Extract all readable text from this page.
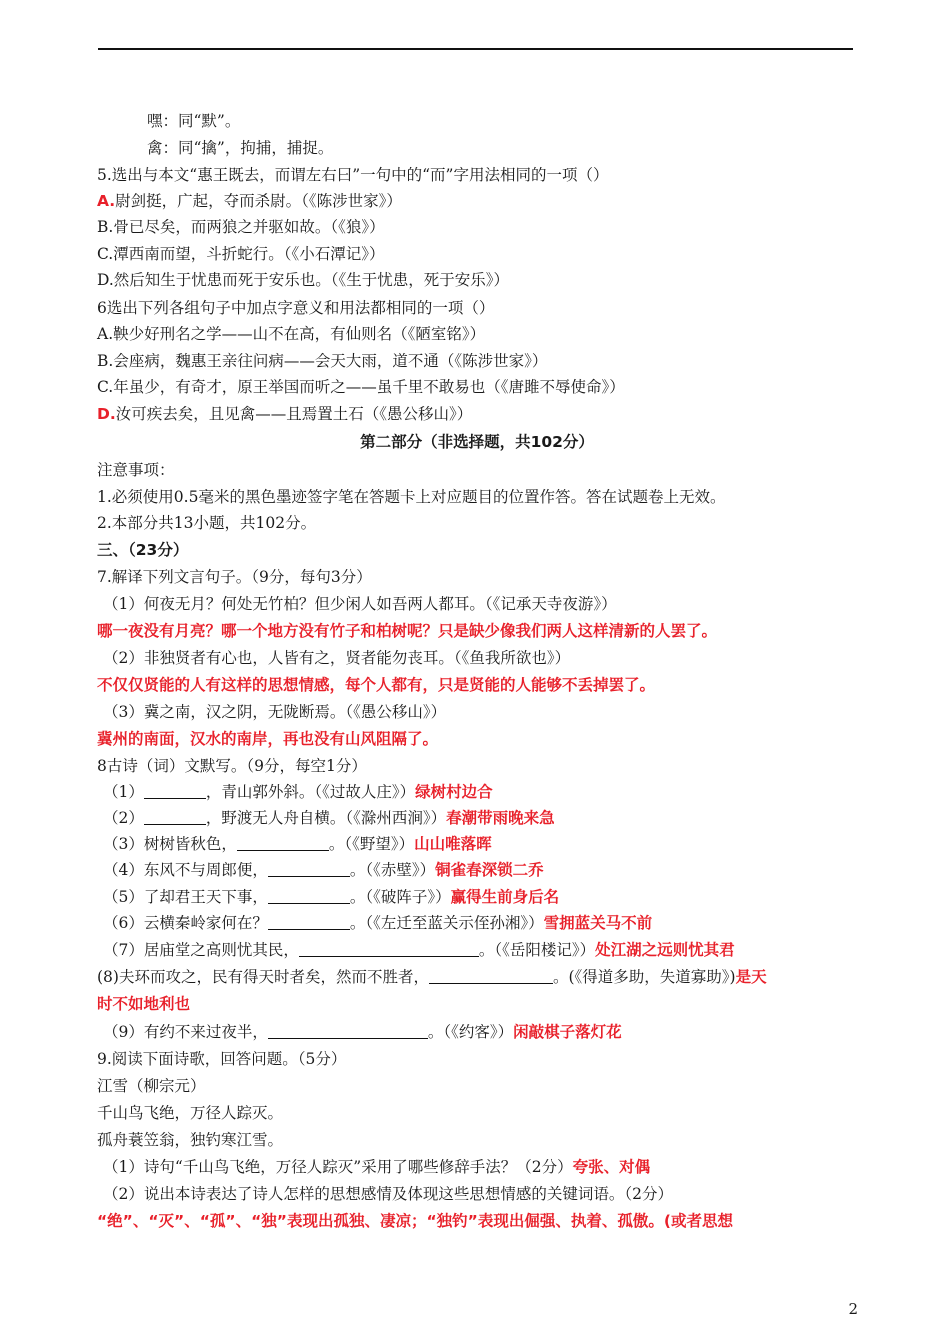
嘿：同“默”。
禽：同“擒”，拘捕，捕捉。
5.选出与本文“惠王既去，而谓左右曰”一句中的“而”字用法相同的一项（）
A.尉剑挺，广起，夺而杀尉。（《陈涉世家》）
B.骨已尽矣，而两狼之并驱如故。（《狼》）
C.潭西南而望，斗折蛇行。（《小石潭记》）
D.然后知生于忧患而死于安乐也。（《生于忧患，死于安乐》）
6选出下列各组句子中加点字意义和用法都相同的一项（）
A.鞅少好刑名之学——山不在高，有仙则名（《陋室铭》）
B.会座病，魏惠王亲往问病——会天大雨，道不通（《陈涉世家》）
C.年虽少，有奇才，原王举国而听之——虽千里不敢易也（《唐雎不辱使命》）
D.汝可疾去矣，且见禽——且焉置土石（《愚公移山》）
第二部分（非选择题，共102分）
注意事项：
1.必须使用0.5毫米的黑色墨迹签字笔在答题卡上对应题目的位置作答。答在试题卷上无效。
2.本部分共13小题，共102分。
三、（23分）
7.解译下列文言句子。（9分，每句3分）
（1）何夜无月？何处无竹柏？但少闲人如吾两人都耳。（《记承天寺夜游》）
哪一夜没有月亮？哪一个地方没有竹子和柏树呢？只是缺少像我们两人这样清新的人罢了。
（2）非独贤者有心也，人皆有之，贤者能勿丧耳。（《鱼我所欲也》）
不仅仅贤能的人有这样的思想情感，每个人都有，只是贤能的人能够不丢掉罢了。
（3）冀之南，汉之阴，无陇断焉。（《愚公移山》）
冀州的南面，汉水的南岸，再也没有山风阻隔了。
8古诗（词）文默写。（9分，每空1分）
（1）	，青山郭外斜。（《过故人庄》）绿树村边合
（2）	，野渡无人舟自横。（《滁州西涧》）春潮带雨晚来急
（3）树树皆秋色，	。（《野望》）山山唯落晖
（4）东风不与周郎便，	。（《赤壁》）铜雀春深锁二乔
（5）了却君王天下事，	。（《破阵子》）赢得生前身后名
（6）云横秦岭家何在？	。（《左迁至蓝关示侄孙湘》）雪拥蓝关马不前
（7）居庙堂之高则忧其民，	。（《岳阳楼记》）处江湖之远则忧其君
(8)夫环而攻之，民有得天时者矣，然而不胜者，	。(《得道多助，失道寡助》)是天
时不如地利也
（9）有约不来过夜半，	。（《约客》）闲敲棋子落灯花
9.阅读下面诗歌，回答问题。（5分）
江雪（柳宗元）
千山鸟飞绝，万径人踪灭。
孤舟蓑笠翁，独钓寒江雪。
（1）诗句“千山鸟飞绝，万径人踪灭”采用了哪些修辞手法？（2分）夸张、对偶
（2）说出本诗表达了诗人怎样的思想感情及体现这些思想情感的关键词语。（2分）
“绝”、“灭”、“孤”、“独”表现出孤独、凄凉；“独钓”表现出倔强、执着、孤傲。(或者思想
2
